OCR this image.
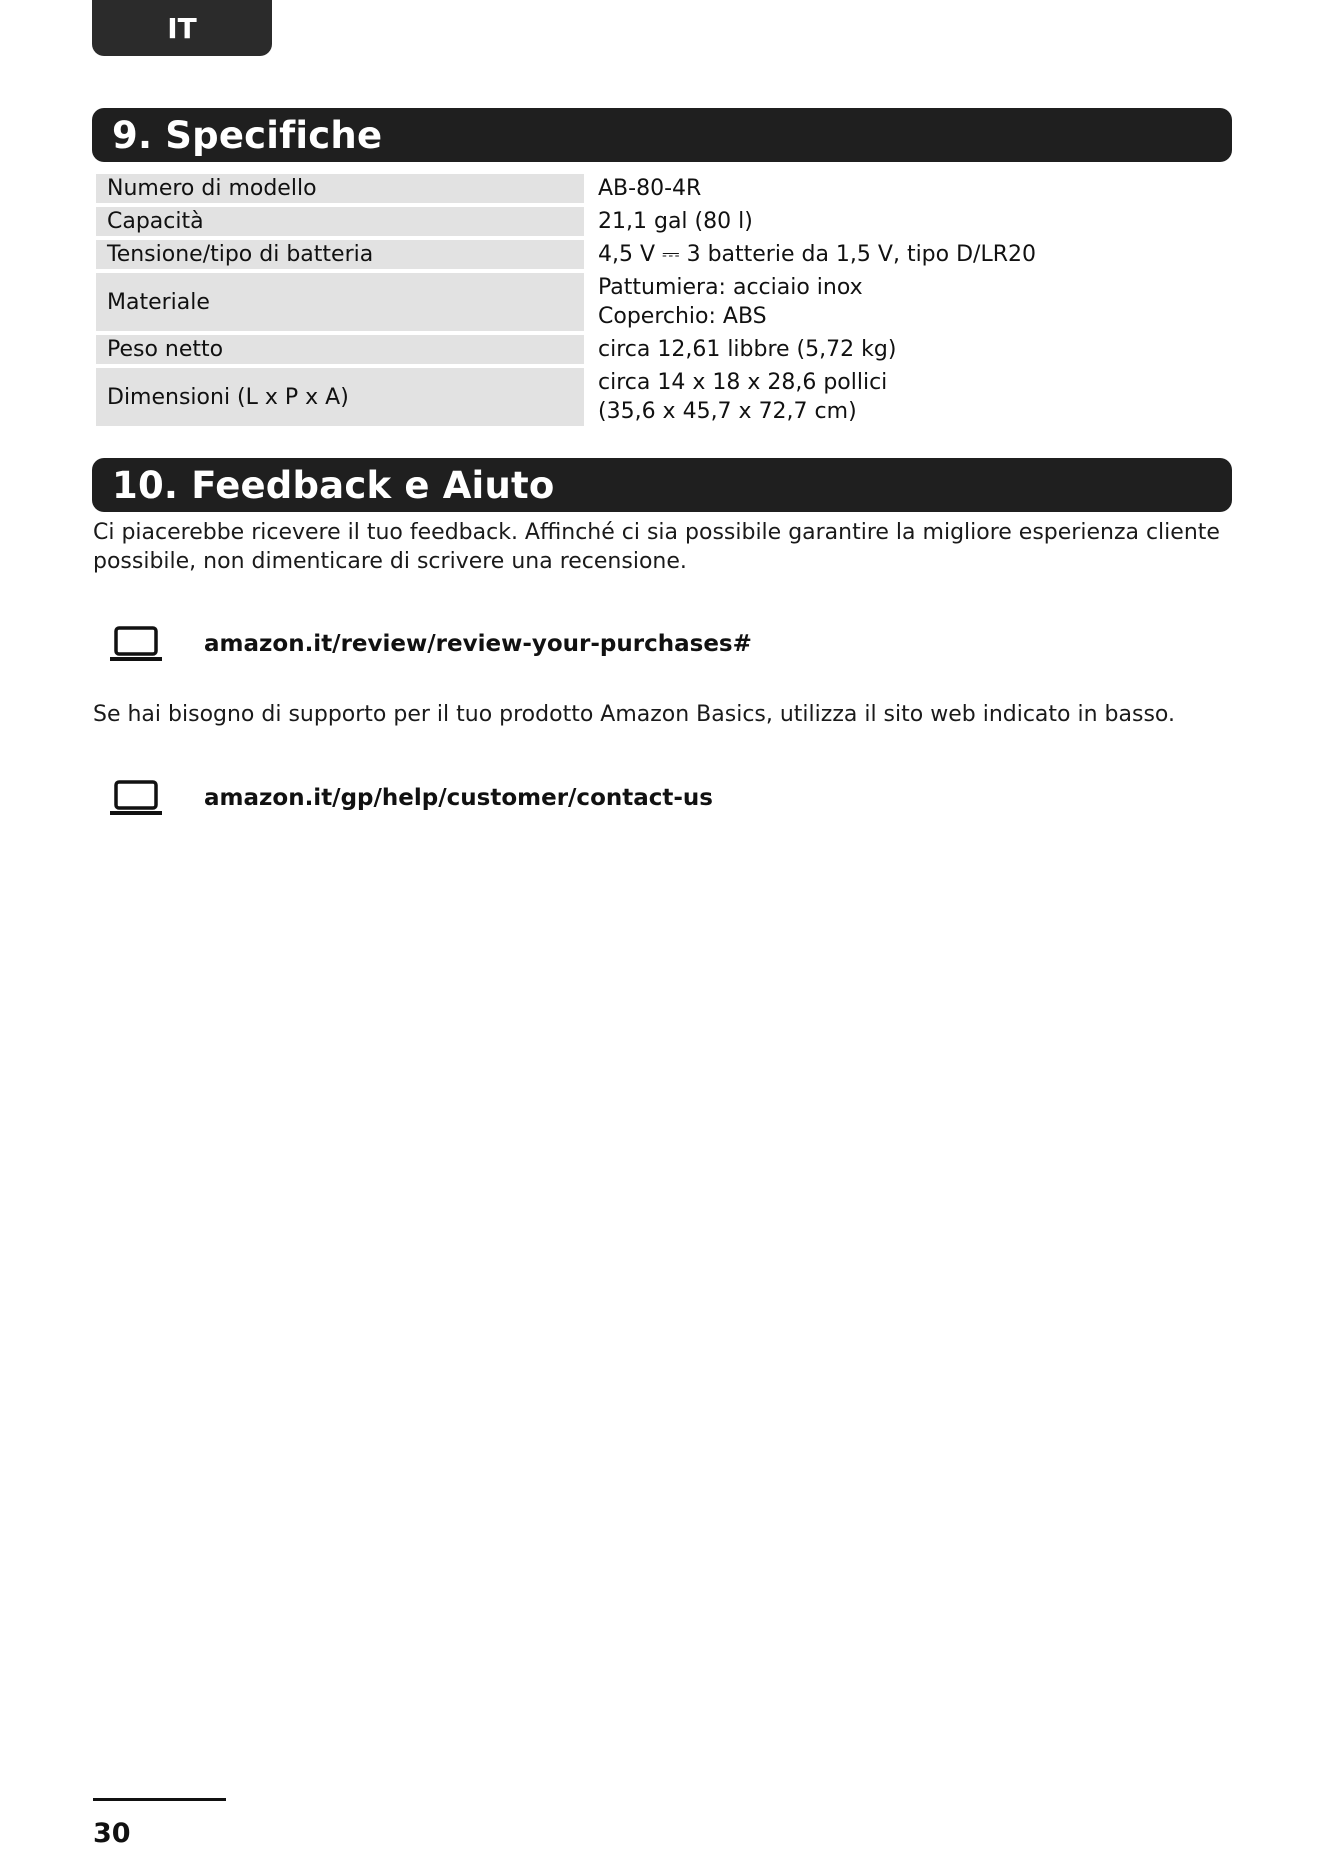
IT
9. Specifiche
Numero di modello	AB-80-4R

Capacità	21,1 gal (80 l)

Tensione/tipo di batteria	4,5 V ⎓ 3 batterie da 1,5 V, tipo D/LR20

Materiale	Pattumiera: acciaio inox
Coperchio: ABS

Peso netto	circa 12,61 libbre (5,72 kg)

Dimensioni (L x P x A)	circa 14 x 18 x 28,6 pollici
(35,6 x 45,7 x 72,7 cm)
10. Feedback e Aiuto
Ci piacerebbe ricevere il tuo feedback. Affinché ci sia possibile garantire la migliore esperienza cliente
possibile, non dimenticare di scrivere una recensione.
amazon.it/review/review-your-purchases#
Se hai bisogno di supporto per il tuo prodotto Amazon Basics, utilizza il sito web indicato in basso.
amazon.it/gp/help/customer/contact-us
30
